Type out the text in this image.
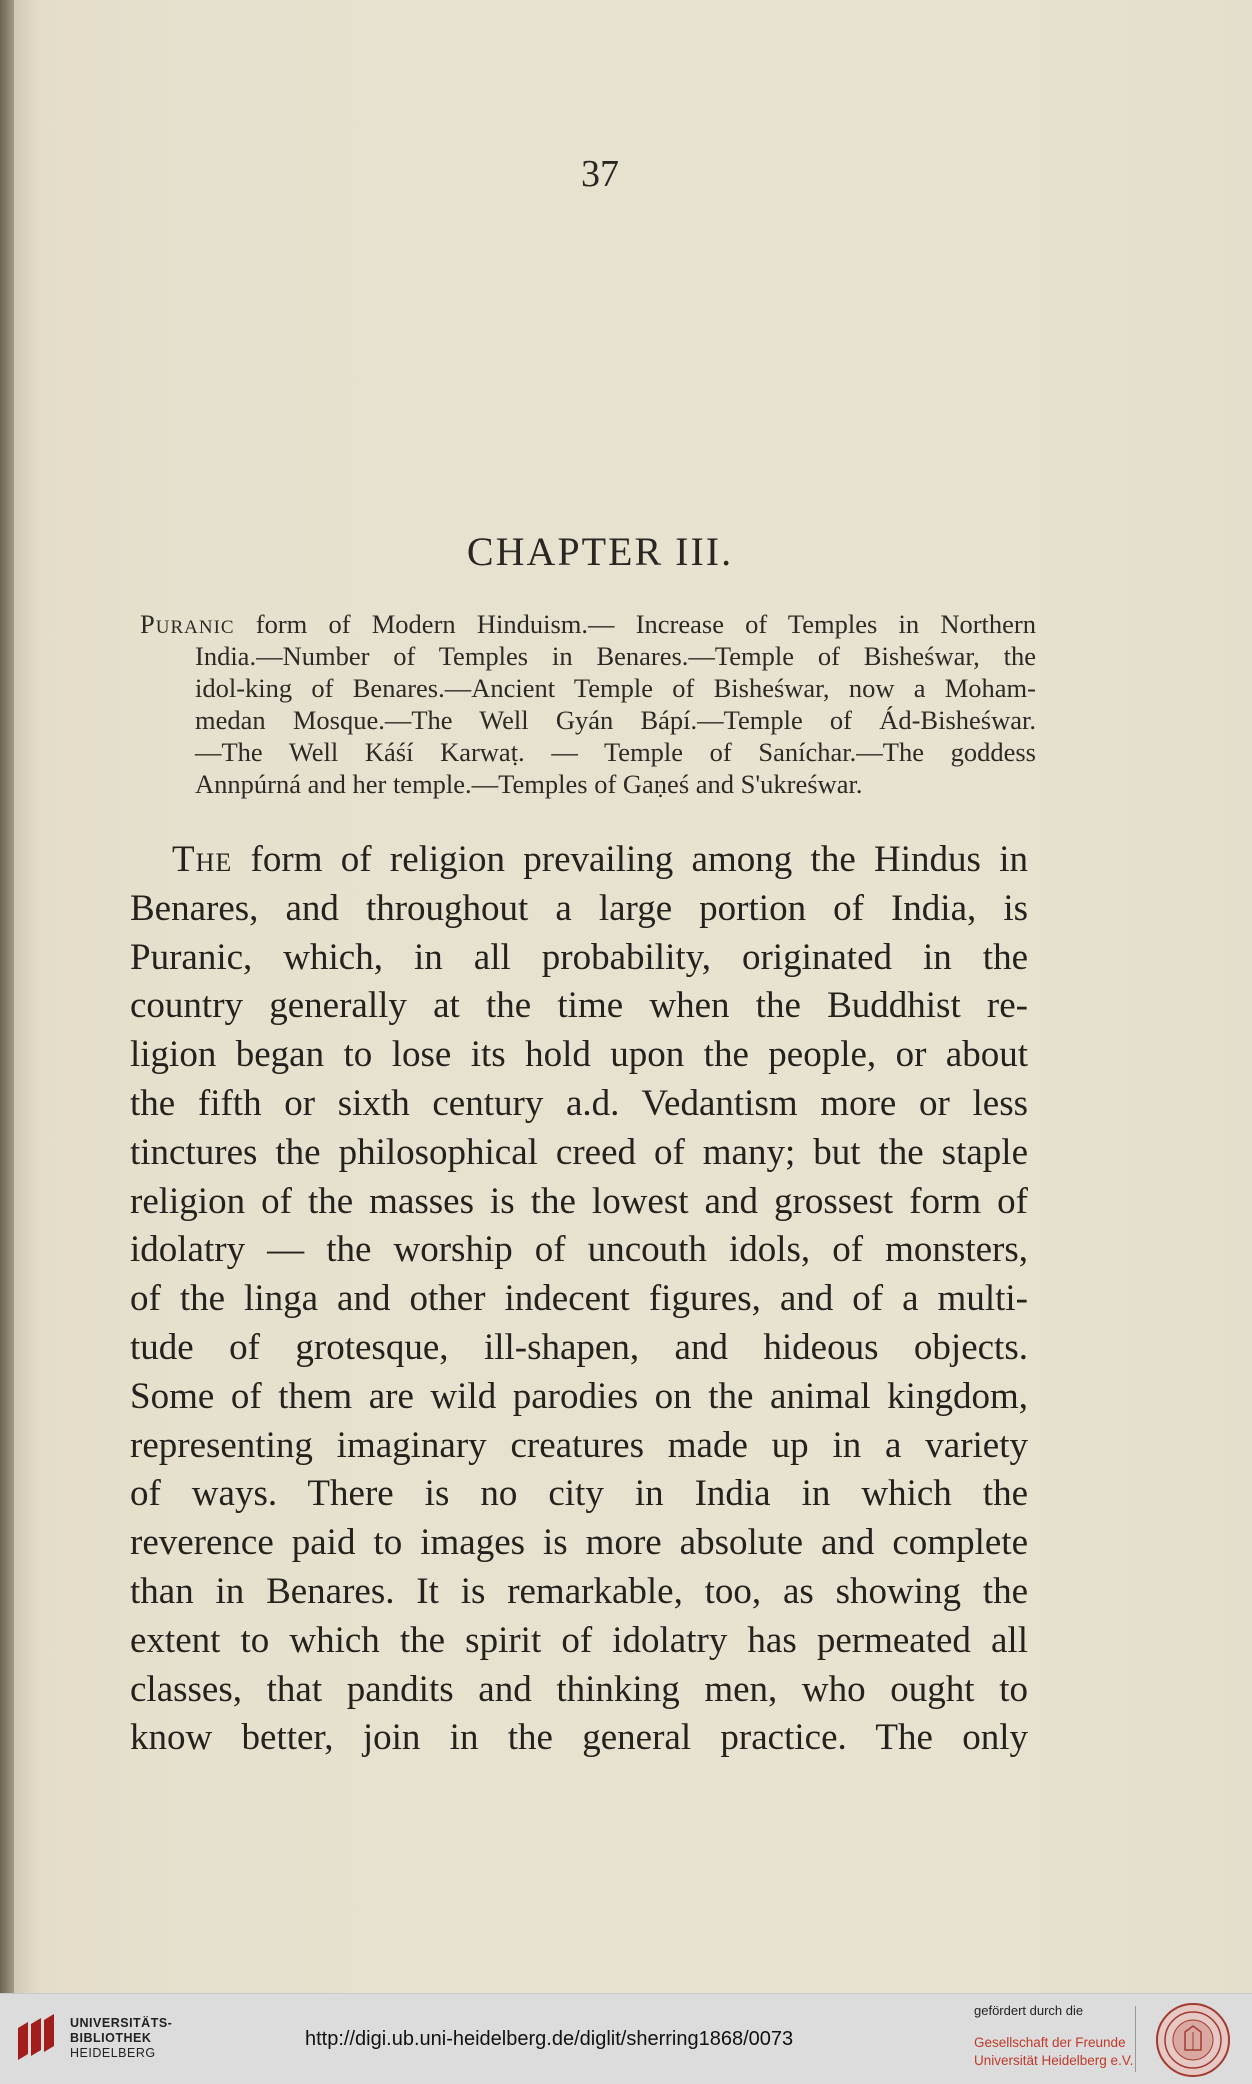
37
CHAPTER III.
Puranic form of Modern Hinduism.— Increase of Temples in Northern
India.—Number of Temples in Benares.—Temple of Bisheśwar, the
idol-king of Benares.—Ancient Temple of Bisheśwar, now a Moham-
medan Mosque.—The Well Gyán Bápí.—Temple of Ád-Bisheśwar.
—The Well Káśí Karwaṭ. — Temple of Saníchar.—The goddess
Annpúrná and her temple.—Temples of Gaṇeś and S'ukreśwar.
The form of religion prevailing among the Hindus in
Benares, and throughout a large portion of India, is
Puranic, which, in all probability, originated in the
country generally at the time when the Buddhist re-
ligion began to lose its hold upon the people, or about
the fifth or sixth century a.d. Vedantism more or less
tinctures the philosophical creed of many; but the staple
religion of the masses is the lowest and grossest form of
idolatry — the worship of uncouth idols, of monsters,
of the linga and other indecent figures, and of a multi-
tude of grotesque, ill-shapen, and hideous objects.
Some of them are wild parodies on the animal kingdom,
representing imaginary creatures made up in a variety
of ways. There is no city in India in which the
reverence paid to images is more absolute and complete
than in Benares. It is remarkable, too, as showing the
extent to which the spirit of idolatry has permeated all
classes, that pandits and thinking men, who ought to
know better, join in the general practice. The only
UNIVERSITÄTS-
BIBLIOTHEK
HEIDELBERG
http://digi.ub.uni-heidelberg.de/diglit/sherring1868/0073
gefördert durch die
Gesellschaft der Freunde
Universität Heidelberg e.V.
